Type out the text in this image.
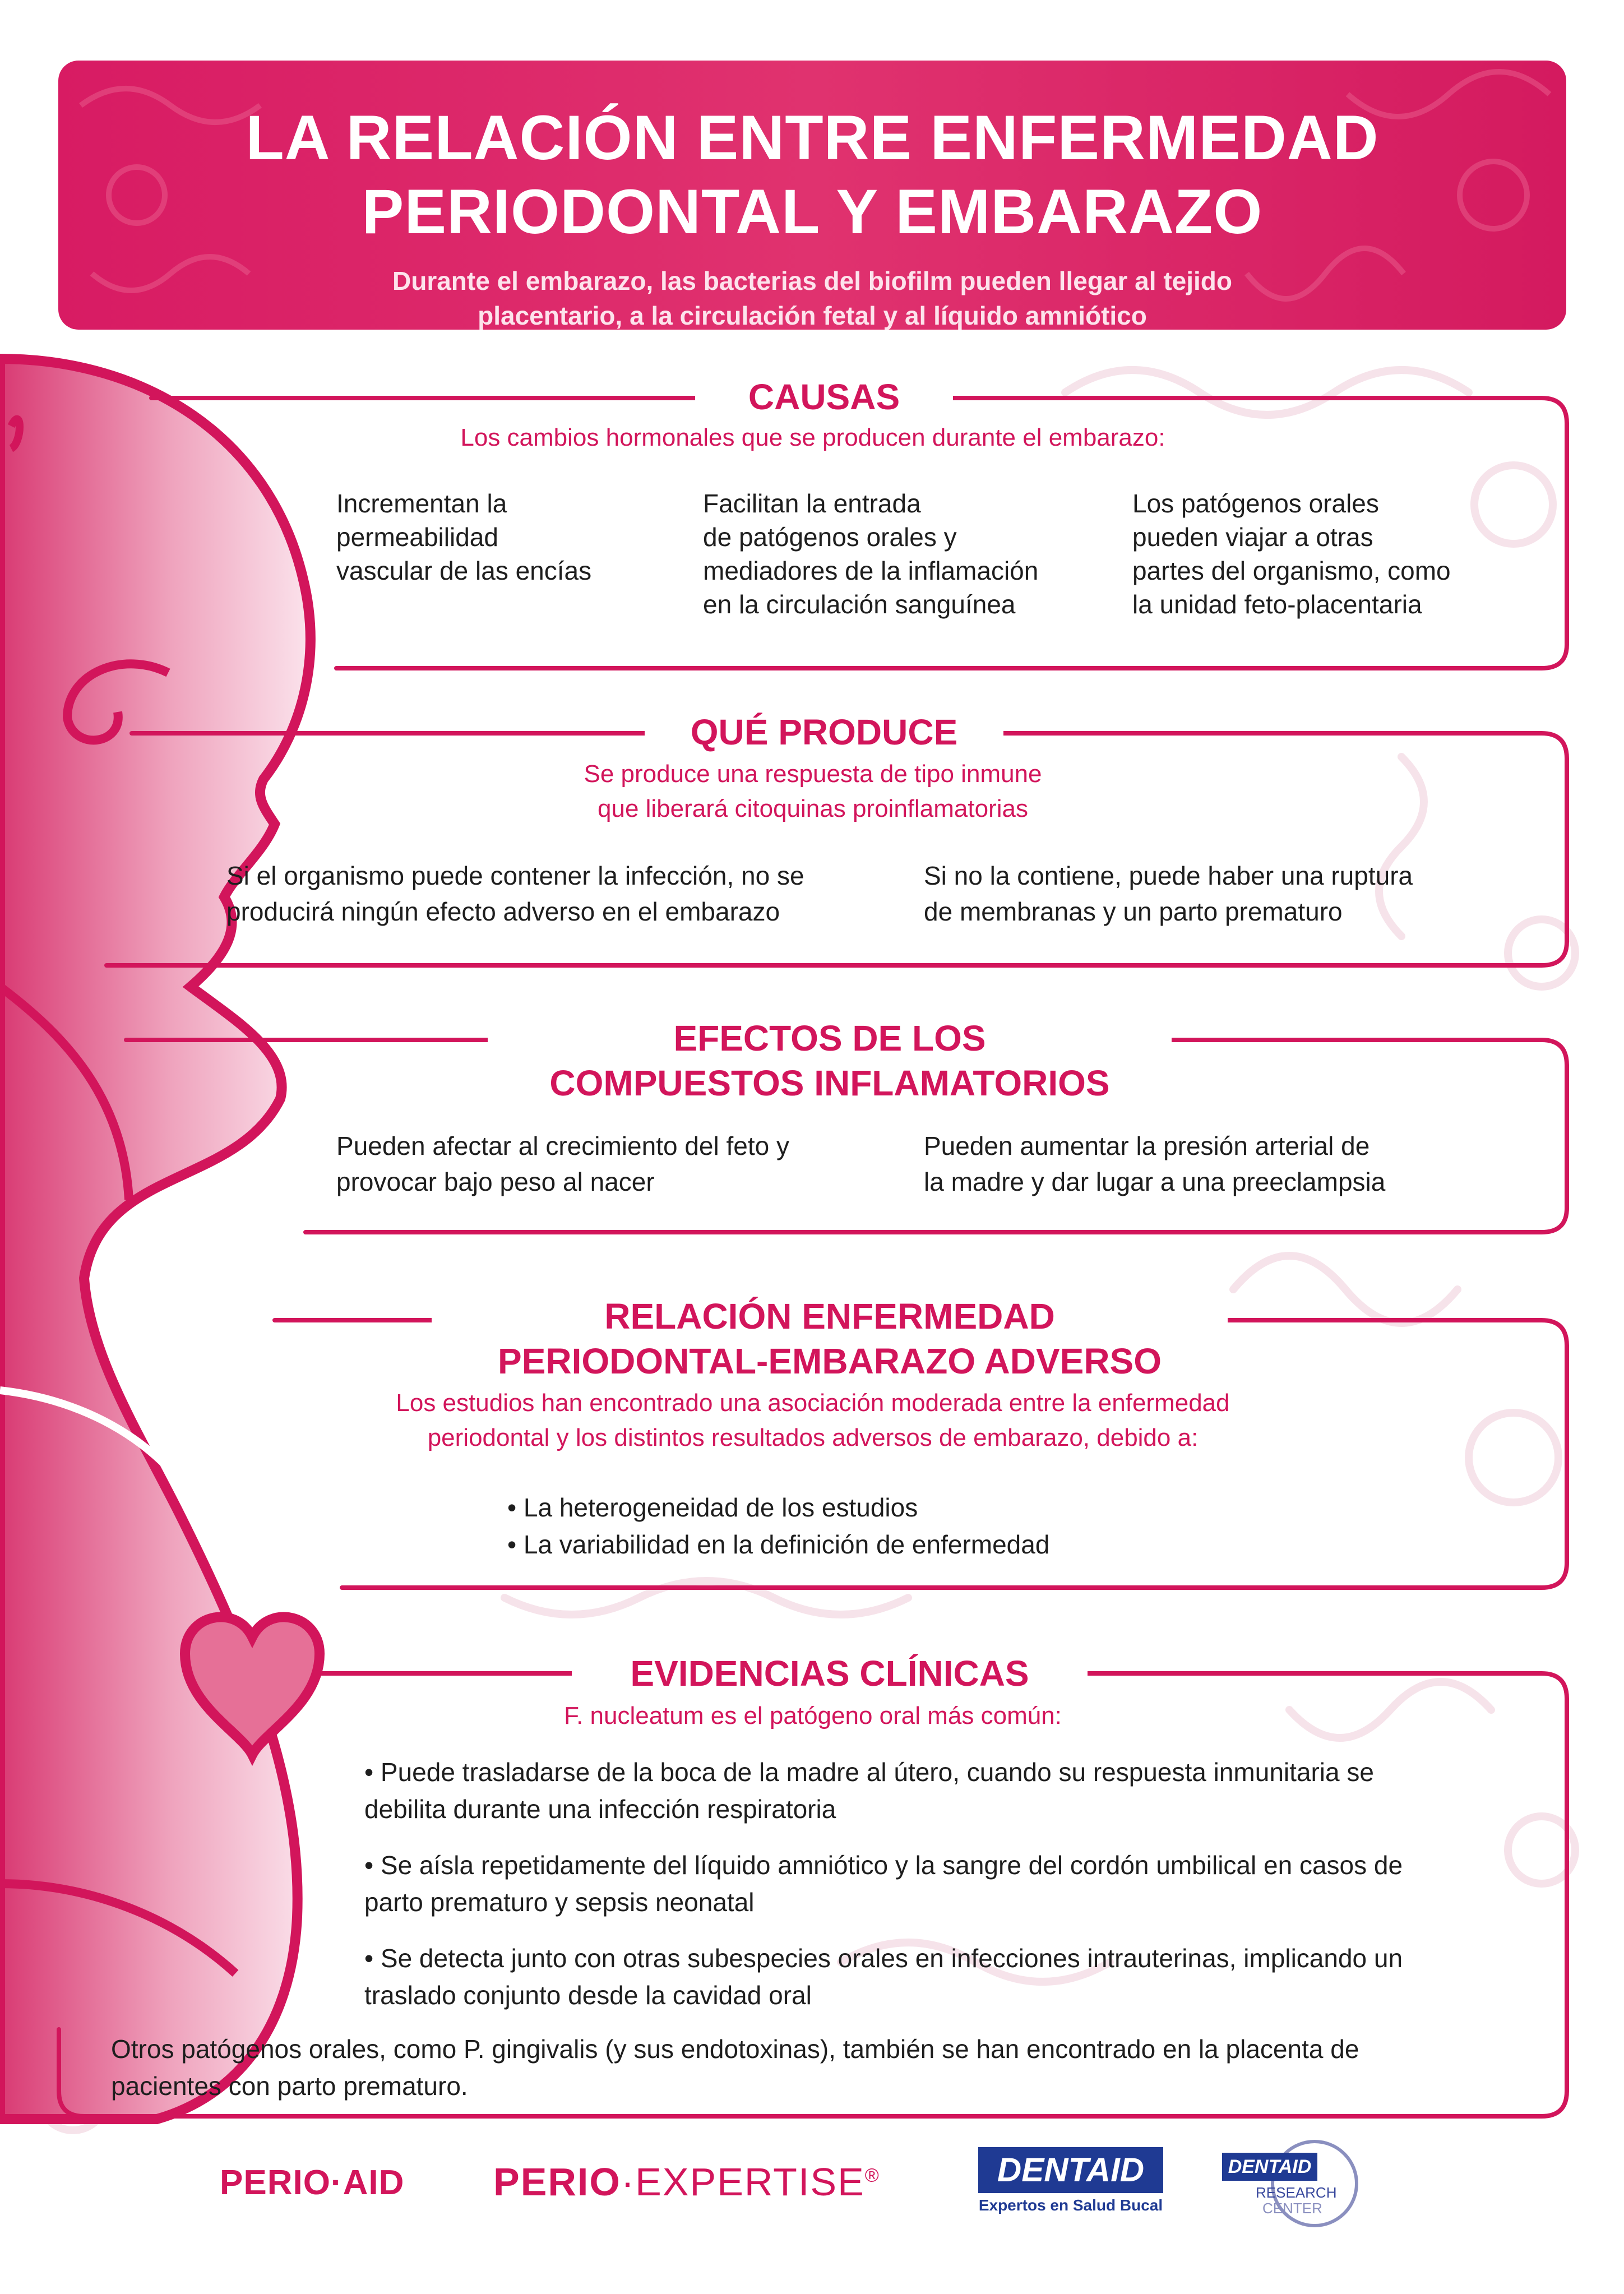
LA RELACIÓN ENTRE ENFERMEDAD
PERIODONTAL Y EMBARAZO
Durante el embarazo, las bacterias del biofilm pueden llegar al tejido
placentario, a la circulación fetal y al líquido amniótico
CAUSAS
Los cambios hormonales que se producen durante el embarazo:
Incrementan la
permeabilidad
vascular de las encías
Facilitan la entrada
de patógenos orales y
mediadores de la inflamación
en la circulación sanguínea
Los patógenos orales
pueden viajar a otras
partes del organismo, como
la unidad feto-placentaria
QUÉ PRODUCE
Se produce una respuesta de tipo inmune
que liberará citoquinas proinflamatorias
Si el organismo puede contener la infección, no se
producirá ningún efecto adverso en el embarazo
Si no la contiene, puede haber una ruptura
de membranas y un parto prematuro
EFECTOS DE LOS
COMPUESTOS INFLAMATORIOS
Pueden afectar al crecimiento del feto y
provocar bajo peso al nacer
Pueden aumentar la presión arterial de
la madre y dar lugar a una preeclampsia
RELACIÓN ENFERMEDAD
PERIODONTAL-EMBARAZO ADVERSO
Los estudios han encontrado una asociación moderada entre la enfermedad
periodontal y los distintos resultados adversos de embarazo, debido a:
• La heterogeneidad de los estudios
• La variabilidad en la definición de enfermedad
EVIDENCIAS CLÍNICAS
F. nucleatum es el patógeno oral más común:

• Puede trasladarse de la boca de la madre al útero, cuando su respuesta inmunitaria se
debilita durante una infección respiratoria

• Se aísla repetidamente del líquido amniótico y la sangre del cordón umbilical en casos de
parto prematuro y sepsis neonatal

• Se detecta junto con otras subespecies orales en infecciones intrauterinas, implicando un
traslado conjunto desde la cavidad oral

Otros patógenos orales, como P. gingivalis (y sus endotoxinas), también se han encontrado en la placenta de
pacientes con parto prematuro.
PERIO·AID PERIO·EXPERTISE®	DENTAID
Expertos en Salud Bucal
DENTAID
RESEARCH
CENTER
